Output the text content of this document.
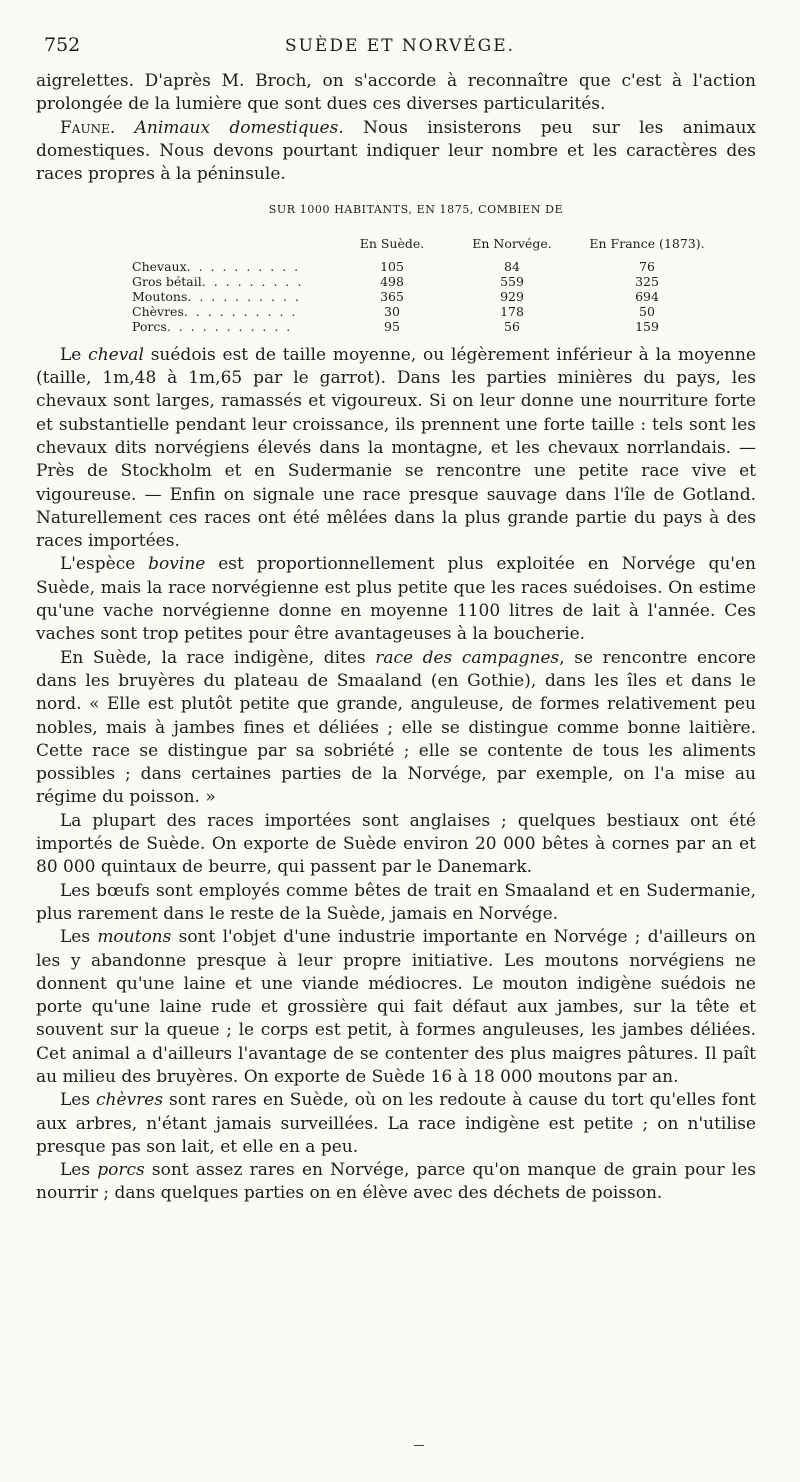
752	SUÈDE ET NORVÉGE.

aigrelettes. D'après M. Broch, on s'accorde à reconnaître que c'est à l'action prolongée de la lumière que sont dues ces diverses particularités.

Faune. Animaux domestiques. Nous insisterons peu sur les animaux domestiques. Nous devons pourtant indiquer leur nombre et les caractères des races propres à la péninsule.

SUR 1000 HABITANTS, EN 1875, COMBIEN DE
	En Suède.	En Norvége.	En France (1873).
Chevaux. . . . . . . . . .	105	84	76
Gros bétail. . . . . . . . .	498	559	325
Moutons. . . . . . . . . .	365	929	694
Chèvres. . . . . . . . . .	30	178	50
Porcs. . . . . . . . . . .	95	56	159

Le cheval suédois est de taille moyenne, ou légèrement inférieur à la moyenne (taille, 1m,48 à 1m,65 par le garrot). Dans les parties minières du pays, les chevaux sont larges, ramassés et vigoureux. Si on leur donne une nourriture forte et substantielle pendant leur croissance, ils prennent une forte taille : tels sont les chevaux dits norvégiens élevés dans la montagne, et les chevaux norrlandais. — Près de Stockholm et en Sudermanie se rencontre une petite race vive et vigoureuse. — Enfin on signale une race presque sauvage dans l'île de Gotland. Naturellement ces races ont été mêlées dans la plus grande partie du pays à des races importées.

L'espèce bovine est proportionnellement plus exploitée en Norvége qu'en Suède, mais la race norvégienne est plus petite que les races suédoises. On estime qu'une vache norvégienne donne en moyenne 1100 litres de lait à l'année. Ces vaches sont trop petites pour être avantageuses à la boucherie.

En Suède, la race indigène, dites race des campagnes, se rencontre encore dans les bruyères du plateau de Smaaland (en Gothie), dans les îles et dans le nord. « Elle est plutôt petite que grande, anguleuse, de formes relativement peu nobles, mais à jambes fines et déliées ; elle se distingue comme bonne laitière. Cette race se distingue par sa sobriété ; elle se contente de tous les aliments possibles ; dans certaines parties de la Norvége, par exemple, on l'a mise au régime du poisson. »

La plupart des races importées sont anglaises ; quelques bestiaux ont été importés de Suède. On exporte de Suède environ 20 000 bêtes à cornes par an et 80 000 quintaux de beurre, qui passent par le Danemark.

Les bœufs sont employés comme bêtes de trait en Smaaland et en Sudermanie, plus rarement dans le reste de la Suède, jamais en Norvége.

Les moutons sont l'objet d'une industrie importante en Norvége ; d'ailleurs on les y abandonne presque à leur propre initiative. Les moutons norvégiens ne donnent qu'une laine et une viande médiocres. Le mouton indigène suédois ne porte qu'une laine rude et grossière qui fait défaut aux jambes, sur la tête et souvent sur la queue ; le corps est petit, à formes anguleuses, les jambes déliées. Cet animal a d'ailleurs l'avantage de se contenter des plus maigres pâtures. Il paît au milieu des bruyères. On exporte de Suède 16 à 18 000 moutons par an.

Les chèvres sont rares en Suède, où on les redoute à cause du tort qu'elles font aux arbres, n'étant jamais surveillées. La race indigène est petite ; on n'utilise presque pas son lait, et elle en a peu.

Les porcs sont assez rares en Norvége, parce qu'on manque de grain pour les nourrir ; dans quelques parties on en élève avec des déchets de poisson.
